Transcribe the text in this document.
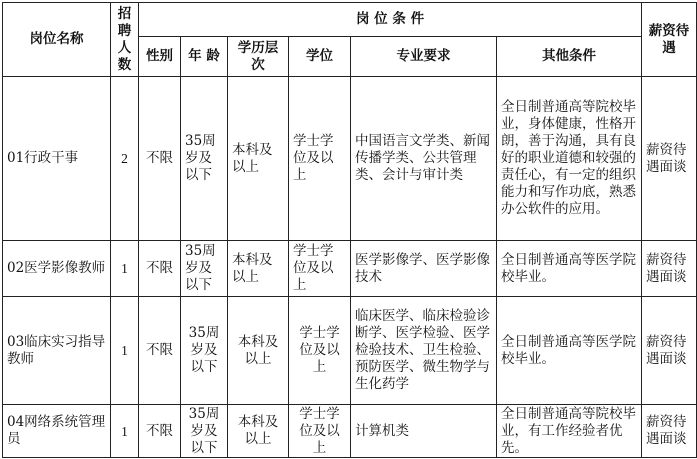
岗位名称	招聘人数	岗 位 条 件						薪资待遇
		性别	年 龄	学历层次	学位	专业要求	其他条件	
01行政干事	2	不限	35周岁及以下	本科及以上	学士学位及以上	中国语言文学类、新闻传播学类、公共管理类、会计与审计类	全日制普通高等院校毕业，身体健康，性格开朗，善于沟通，具有良好的职业道德和较强的责任心，有一定的组织能力和写作功底，熟悉办公软件的应用。	薪资待遇面谈
02医学影像教师	1	不限	35周岁及以下	本科及以上	学士学位及以上	医学影像学、医学影像技术	全日制普通高等医学院校毕业。	薪资待遇面谈
03临床实习指导教师	1	不限	35周岁及以下	本科及以上	学士学位及以上	临床医学、临床检验诊断学、医学检验、医学检验技术、卫生检验、预防医学、微生物学与生化药学	全日制普通高等医学院校毕业。	薪资待遇面谈
04网络系统管理员	1	不限	35周岁及以下	本科及以上	学士学位及以上	计算机类	全日制普通高等院校毕业，有工作经验者优先。	薪资待遇面谈
